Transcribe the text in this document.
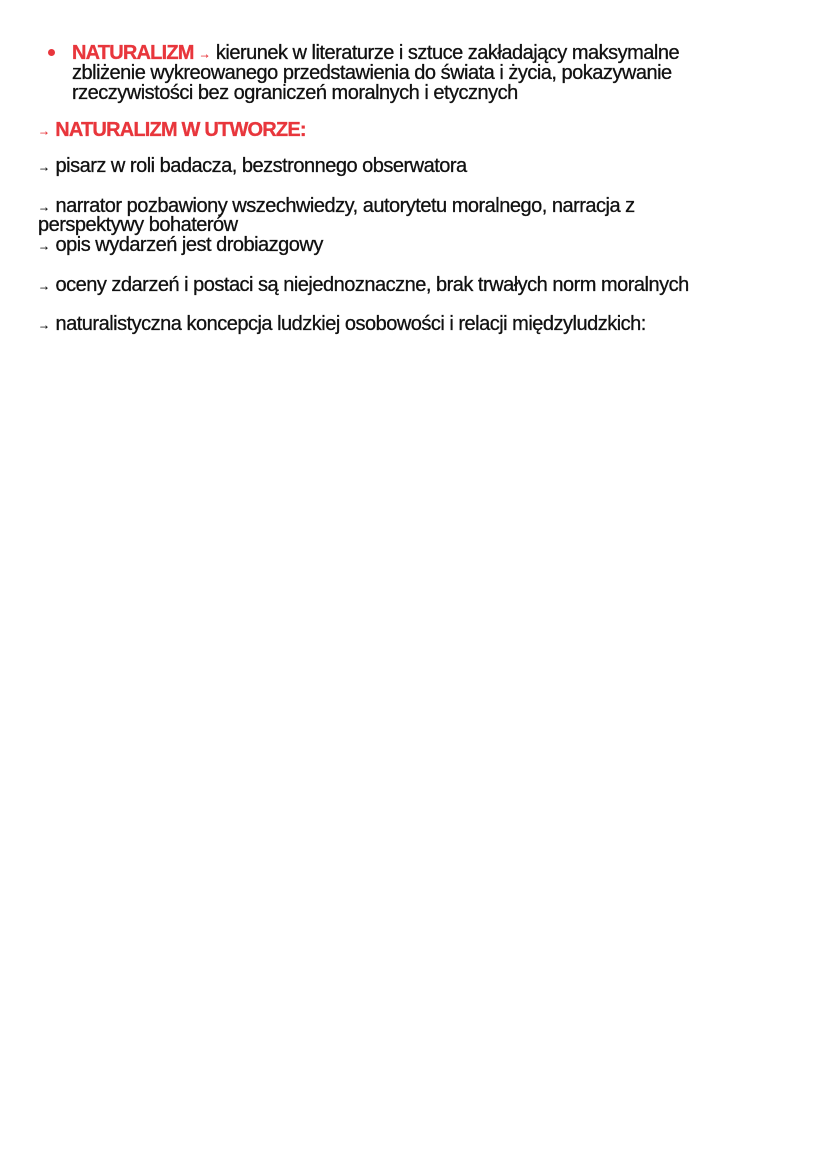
NATURALIZM → kierunek w literaturze i sztuce zakładający maksymalne
zbliżenie wykreowanego przedstawienia do świata i życia, pokazywanie
rzeczywistości bez ograniczeń moralnych i etycznych
→ NATURALIZM W UTWORZE:
→ pisarz w roli badacza, bezstronnego obserwatora
→ narrator pozbawiony wszechwiedzy, autorytetu moralnego, narracja z
perspektywy bohaterów
→ opis wydarzeń jest drobiazgowy
→ oceny zdarzeń i postaci są niejednoznaczne, brak trwałych norm moralnych
→ naturalistyczna koncepcja ludzkiej osobowości i relacji międzyludzkich:
